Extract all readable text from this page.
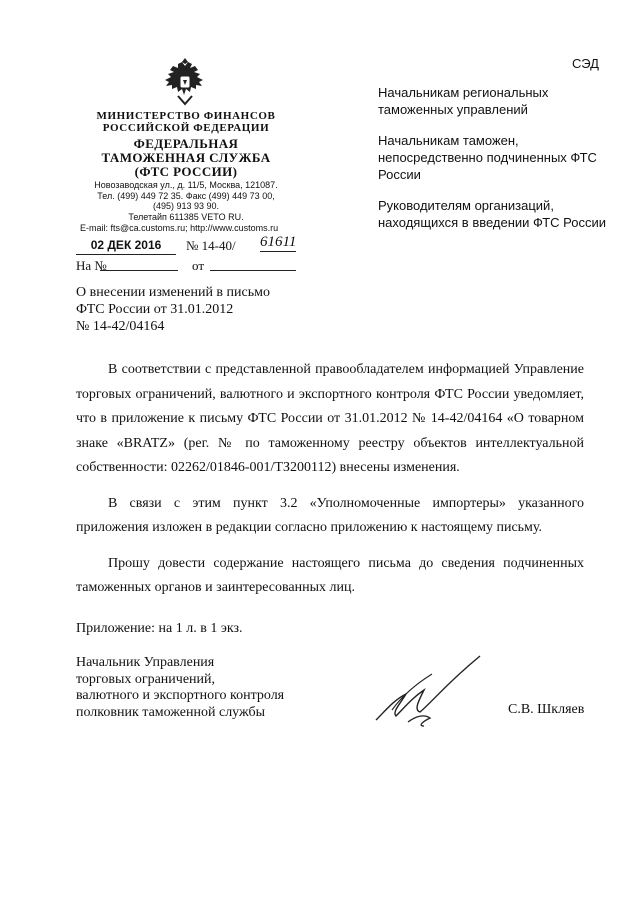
СЭД
МИНИСТЕРСТВО ФИНАНСОВ
РОССИЙСКОЙ ФЕДЕРАЦИИ
ФЕДЕРАЛЬНАЯ
ТАМОЖЕННАЯ СЛУЖБА
(ФТС РОССИИ)
Новозаводская ул., д. 11/5, Москва, 121087.
Тел. (499) 449 72 35. Факс (499) 449 73 00,
(495) 913 93 90.
Телетайп 611385 VETO RU.
E-mail: fts@ca.customs.ru; http://www.customs.ru
02 ДЕК 2016	№ 14-40/ 61611
На №	от
Начальникам региональных таможенных управлений
Начальникам таможен, непосредственно подчиненных ФТС России
Руководителям организаций, находящихся в введении ФТС России
О внесении изменений в письмо
ФТС России от 31.01.2012
№ 14-42/04164

В соответствии с представленной правообладателем информацией Управление торговых ограничений, валютного и экспортного контроля ФТС России уведомляет, что в приложение к письму ФТС России от 31.01.2012 № 14-42/04164 «О товарном знаке «BRATZ» (рег. № по таможенному реестру объектов интеллектуальной собственности: 02262/01846-001/ТЗ200112) внесены изменения.

В связи с этим пункт 3.2 «Уполномоченные импортеры» указанного приложения изложен в редакции согласно приложению к настоящему письму.

Прошу довести содержание настоящего письма до сведения подчиненных таможенных органов и заинтересованных лиц.

Приложение: на 1 л. в 1 экз.
Начальник Управления
торговых ограничений,
валютного и экспортного контроля
полковник таможенной службы	С.В. Шкляев
